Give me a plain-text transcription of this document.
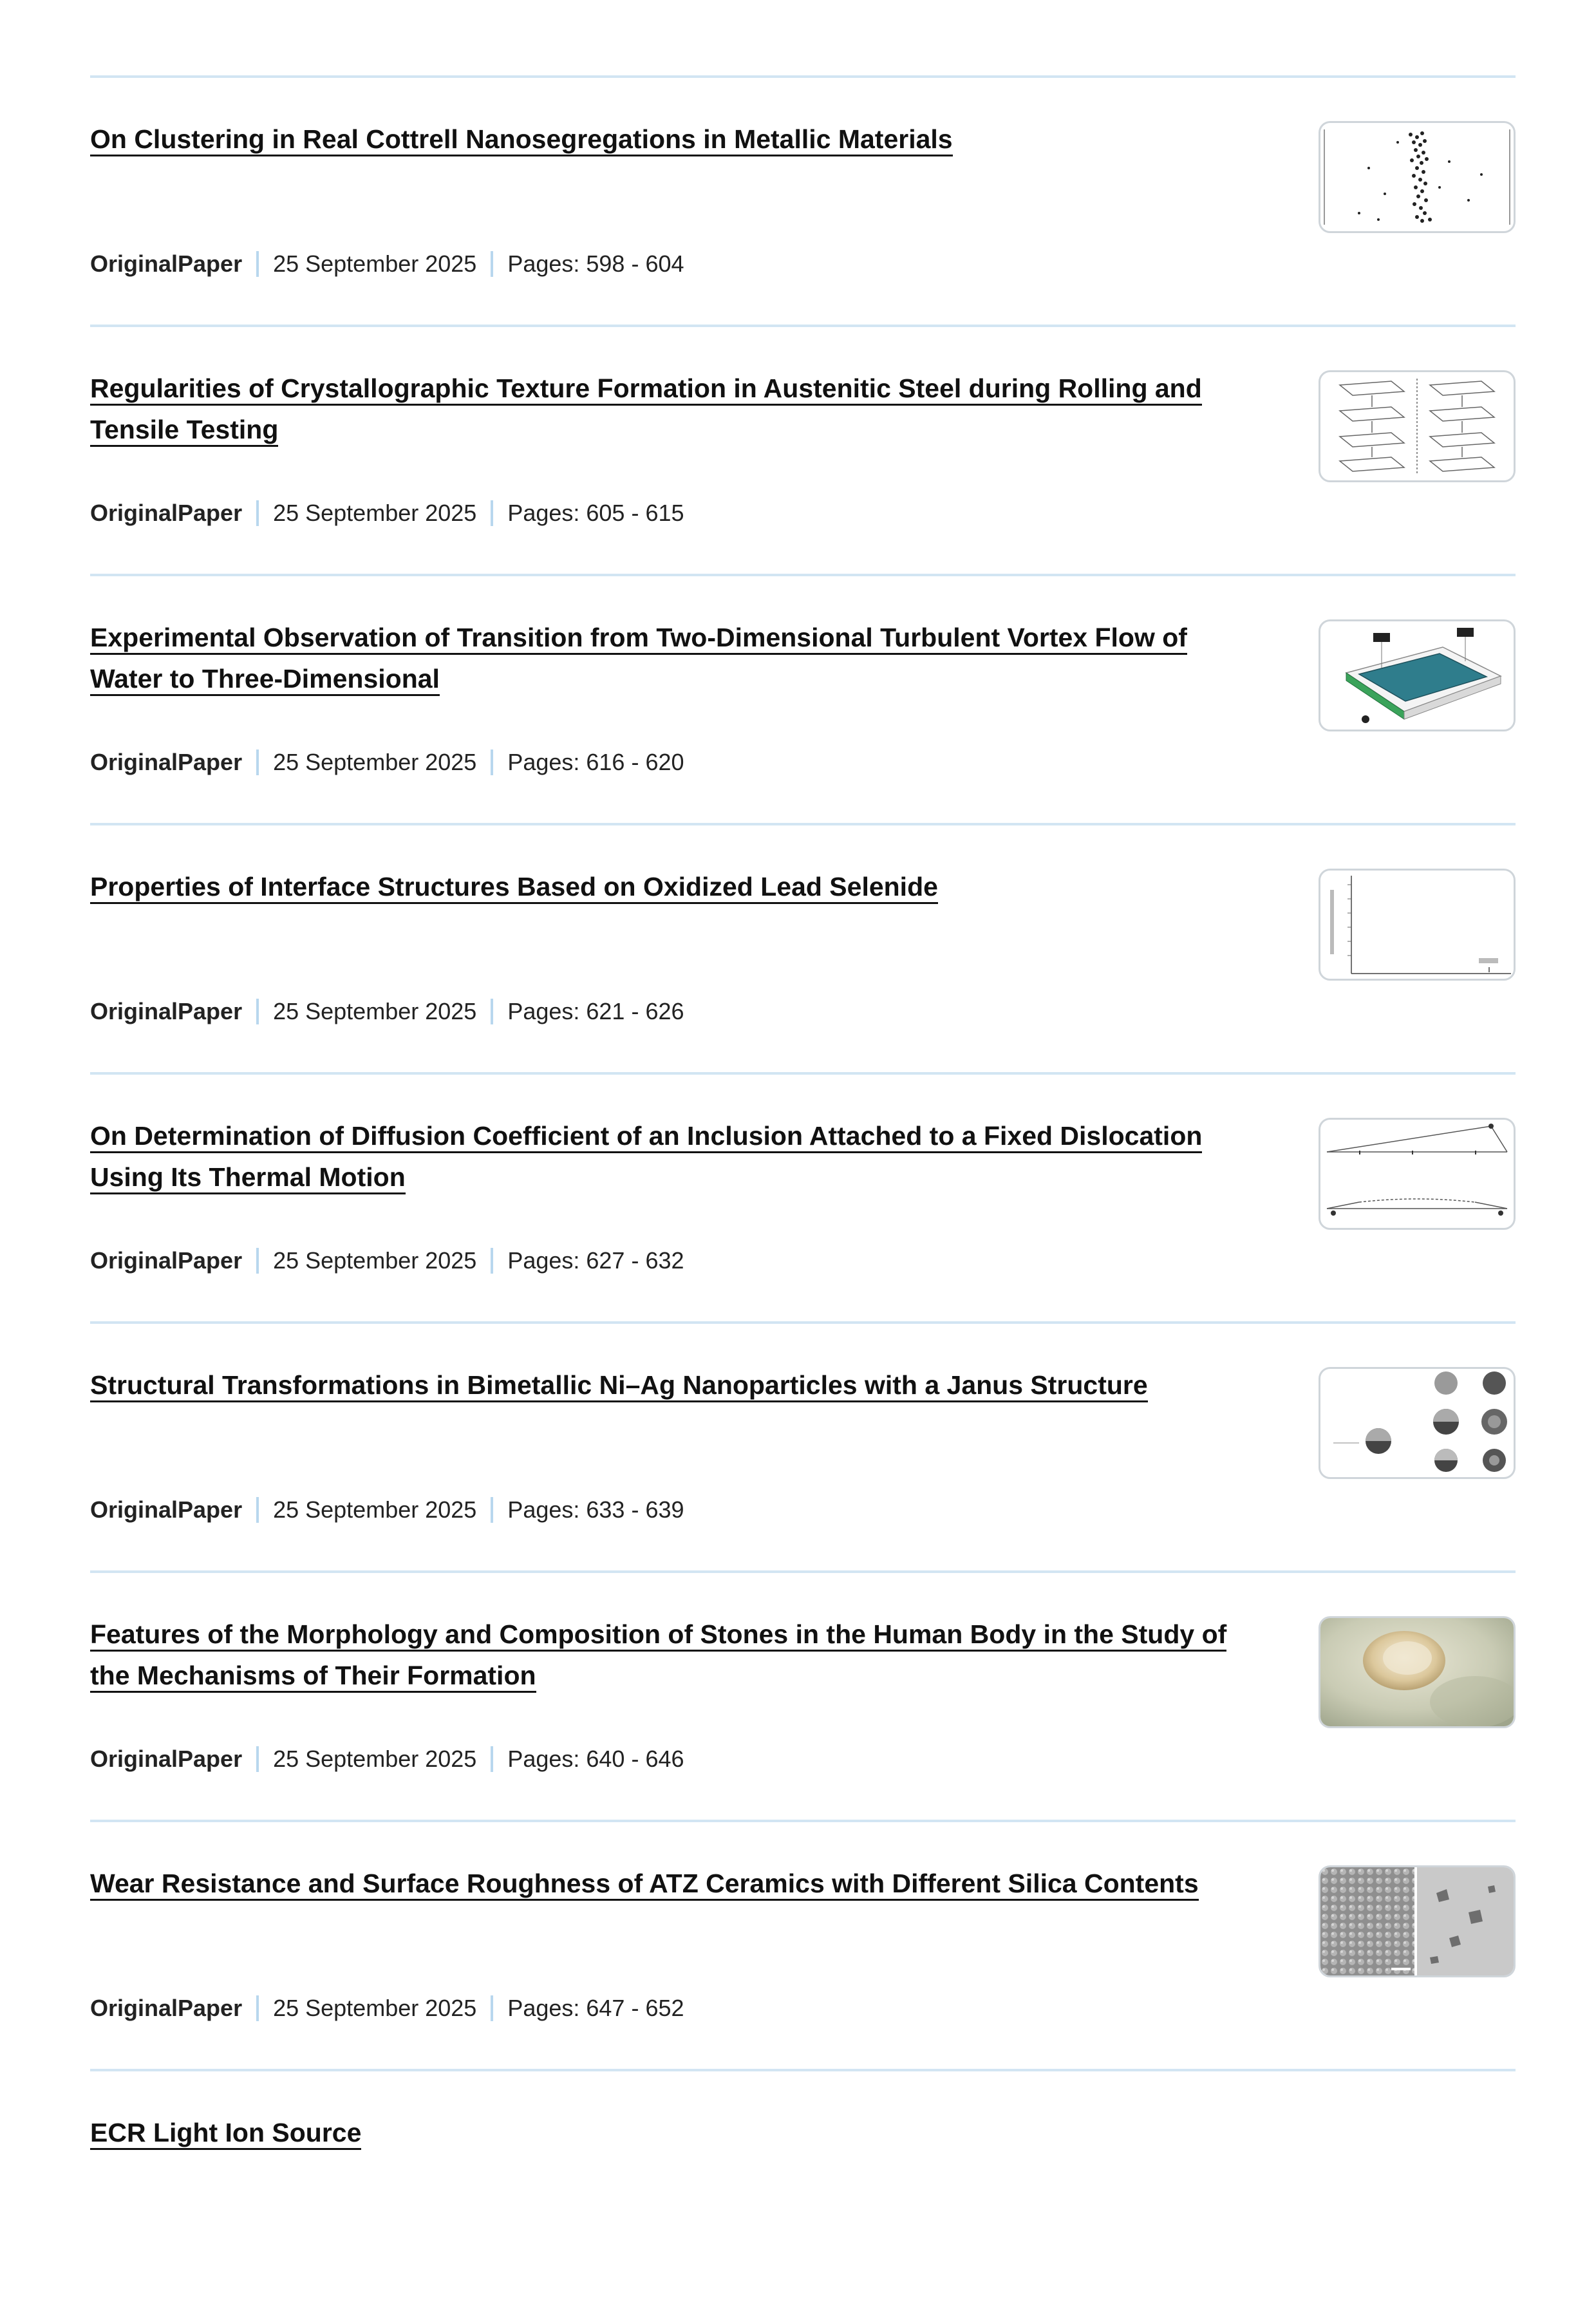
On Clustering in Real Cottrell Nanosegregations in Metallic Materials
OriginalPaper 25 September 2025 Pages: 598 - 604
Regularities of Crystallographic Texture Formation in Austenitic Steel during Rolling and Tensile Testing
OriginalPaper 25 September 2025 Pages: 605 - 615
Experimental Observation of Transition from Two-Dimensional Turbulent Vortex Flow of Water to Three-Dimensional
OriginalPaper 25 September 2025 Pages: 616 - 620
Properties of Interface Structures Based on Oxidized Lead Selenide
OriginalPaper 25 September 2025 Pages: 621 - 626
On Determination of Diffusion Coefficient of an Inclusion Attached to a Fixed Dislocation Using Its Thermal Motion
OriginalPaper 25 September 2025 Pages: 627 - 632
Structural Transformations in Bimetallic Ni–Ag Nanoparticles with a Janus Structure
OriginalPaper 25 September 2025 Pages: 633 - 639
Features of the Morphology and Composition of Stones in the Human Body in the Study of the Mechanisms of Their Formation
OriginalPaper 25 September 2025 Pages: 640 - 646
Wear Resistance and Surface Roughness of ATZ Ceramics with Different Silica Contents
OriginalPaper 25 September 2025 Pages: 647 - 652
ECR Light Ion Source
